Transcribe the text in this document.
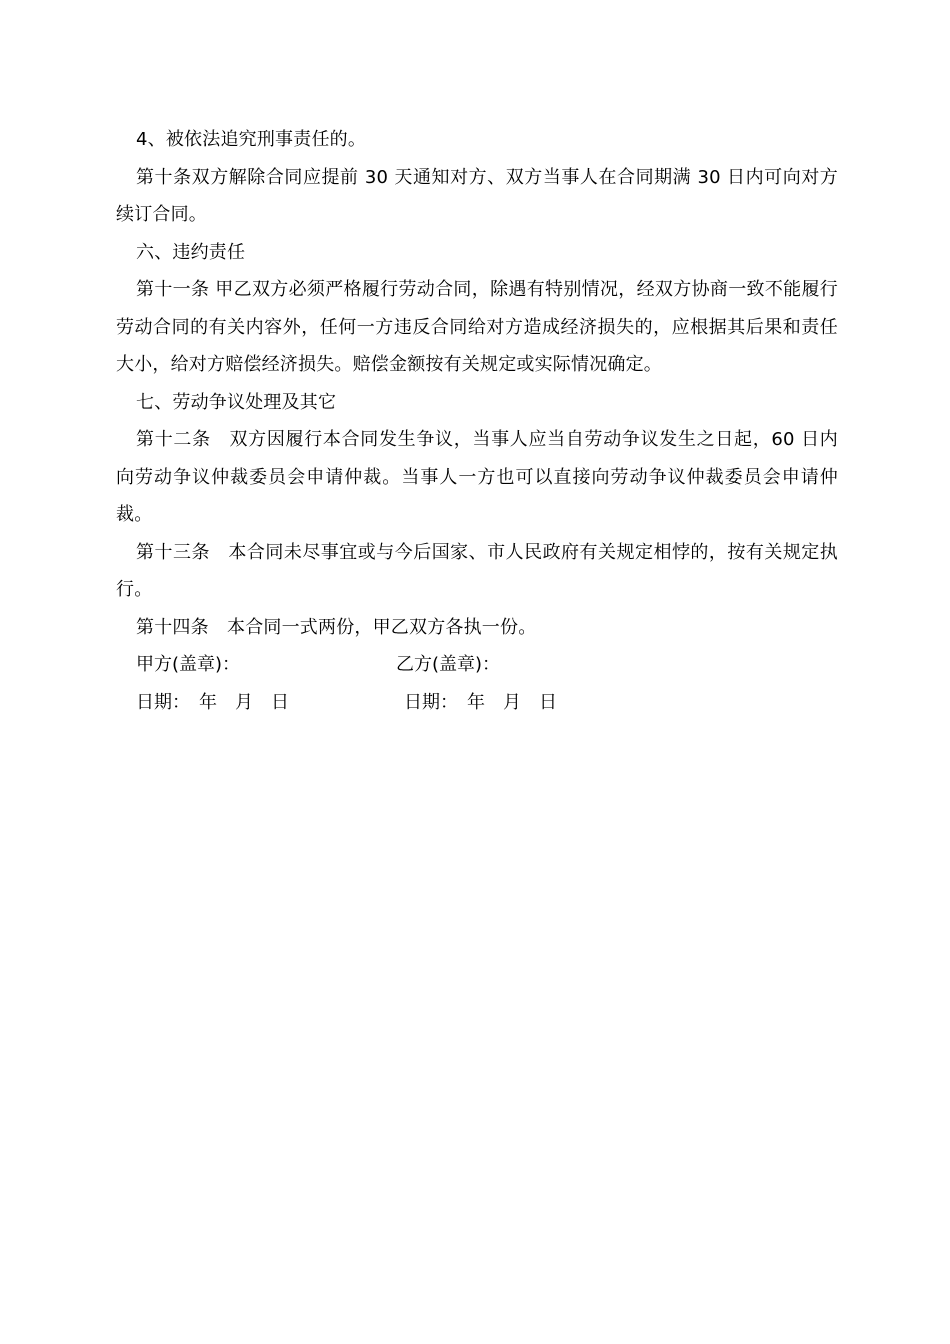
4、被依法追究刑事责任的。

第十条双方解除合同应提前 30 天通知对方、双方当事人在合同期满 30 日内可向对方续订合同。

六、违约责任

第十一条 甲乙双方必须严格履行劳动合同，除遇有特别情况，经双方协商一致不能履行劳动合同的有关内容外，任何一方违反合同给对方造成经济损失的，应根据其后果和责任大小，给对方赔偿经济损失。赔偿金额按有关规定或实际情况确定。

七、劳动争议处理及其它

第十二条　双方因履行本合同发生争议，当事人应当自劳动争议发生之日起，60 日内向劳动争议仲裁委员会申请仲裁。当事人一方也可以直接向劳动争议仲裁委员会申请仲裁。

第十三条　本合同未尽事宜或与今后国家、市人民政府有关规定相悖的，按有关规定执行。

第十四条　本合同一式两份，甲乙双方各执一份。

甲方(盖章)：	乙方(盖章)：
日期：　年　月　日	日期：　年　月　日
